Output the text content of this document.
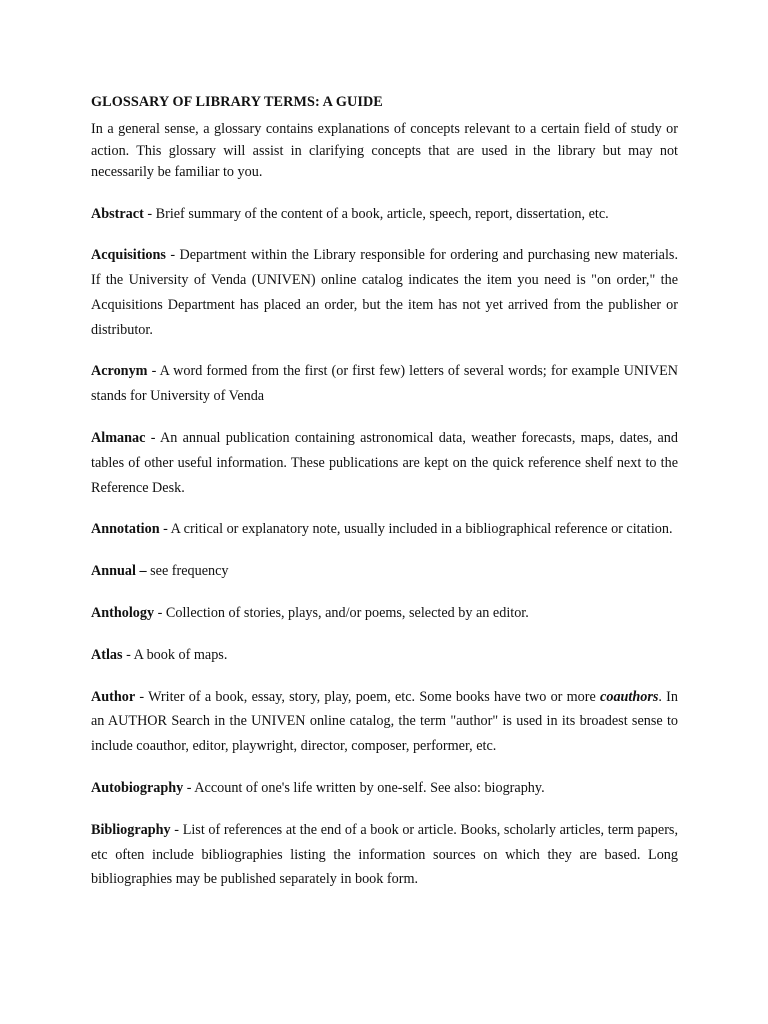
GLOSSARY OF LIBRARY TERMS: A GUIDE

In a general sense, a glossary contains explanations of concepts relevant to a certain field of study or action. This glossary will assist in clarifying concepts that are used in the library but may not necessarily be familiar to you.

Abstract - Brief summary of the content of a book, article, speech, report, dissertation, etc.

Acquisitions - Department within the Library responsible for ordering and purchasing new materials. If the University of Venda (UNIVEN) online catalog indicates the item you need is "on order," the Acquisitions Department has placed an order, but the item has not yet arrived from the publisher or distributor.

Acronym - A word formed from the first (or first few) letters of several words; for example UNIVEN stands for University of Venda

Almanac - An annual publication containing astronomical data, weather forecasts, maps, dates, and tables of other useful information. These publications are kept on the quick reference shelf next to the Reference Desk.

Annotation - A critical or explanatory note, usually included in a bibliographical reference or citation.

Annual – see frequency

Anthology - Collection of stories, plays, and/or poems, selected by an editor.

Atlas - A book of maps.

Author - Writer of a book, essay, story, play, poem, etc. Some books have two or more coauthors. In an AUTHOR Search in the UNIVEN online catalog, the term "author" is used in its broadest sense to include coauthor, editor, playwright, director, composer, performer, etc.

Autobiography - Account of one's life written by one-self. See also: biography.

Bibliography - List of references at the end of a book or article. Books, scholarly articles, term papers, etc often include bibliographies listing the information sources on which they are based. Long bibliographies may be published separately in book form.
